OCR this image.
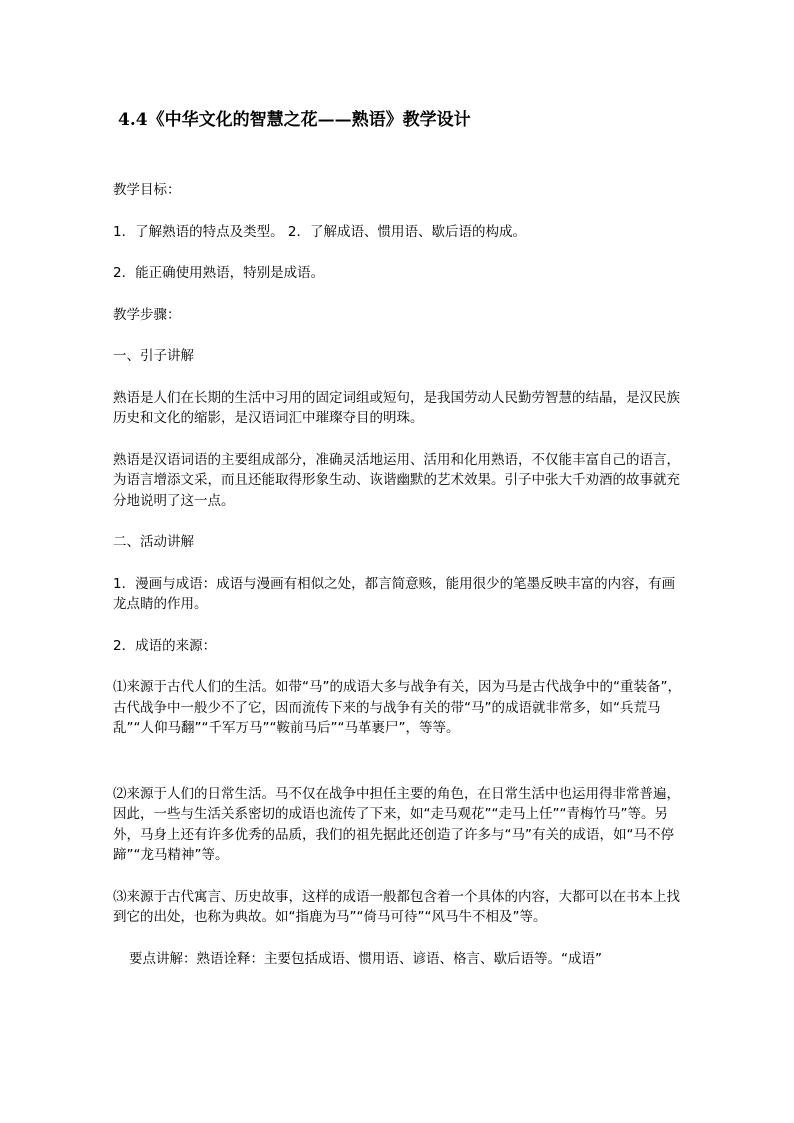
4.4《中华文化的智慧之花——熟语》教学设计

教学目标：

1．了解熟语的特点及类型。 2．了解成语、惯用语、歇后语的构成。

2．能正确使用熟语，特别是成语。

教学步骤：

一、引子讲解

熟语是人们在长期的生活中习用的固定词组或短句，是我国劳动人民勤劳智慧的结晶，是汉民族历史和文化的缩影，是汉语词汇中璀璨夺目的明珠。

熟语是汉语词语的主要组成部分，准确灵活地运用、活用和化用熟语，不仅能丰富自己的语言，为语言增添文采，而且还能取得形象生动、诙谐幽默的艺术效果。引子中张大千劝酒的故事就充分地说明了这一点。

二、活动讲解

1．漫画与成语：成语与漫画有相似之处，都言简意赅，能用很少的笔墨反映丰富的内容，有画龙点睛的作用。

2．成语的来源：

⑴来源于古代人们的生活。如带“马”的成语大多与战争有关，因为马是古代战争中的“重装备”，古代战争中一般少不了它，因而流传下来的与战争有关的带“马”的成语就非常多，如“兵荒马乱”“人仰马翻”“千军万马”“鞍前马后”“马革裹尸”，等等。

⑵来源于人们的日常生活。马不仅在战争中担任主要的角色，在日常生活中也运用得非常普遍，因此，一些与生活关系密切的成语也流传了下来，如“走马观花”“走马上任”“青梅竹马”等。另外，马身上还有许多优秀的品质，我们的祖先据此还创造了许多与“马”有关的成语，如“马不停蹄”“龙马精神”等。

⑶来源于古代寓言、历史故事，这样的成语一般都包含着一个具体的内容，大都可以在书本上找到它的出处，也称为典故。如“指鹿为马”“倚马可待”“风马牛不相及”等。

要点讲解：熟语诠释：主要包括成语、惯用语、谚语、格言、歇后语等。“成语”
